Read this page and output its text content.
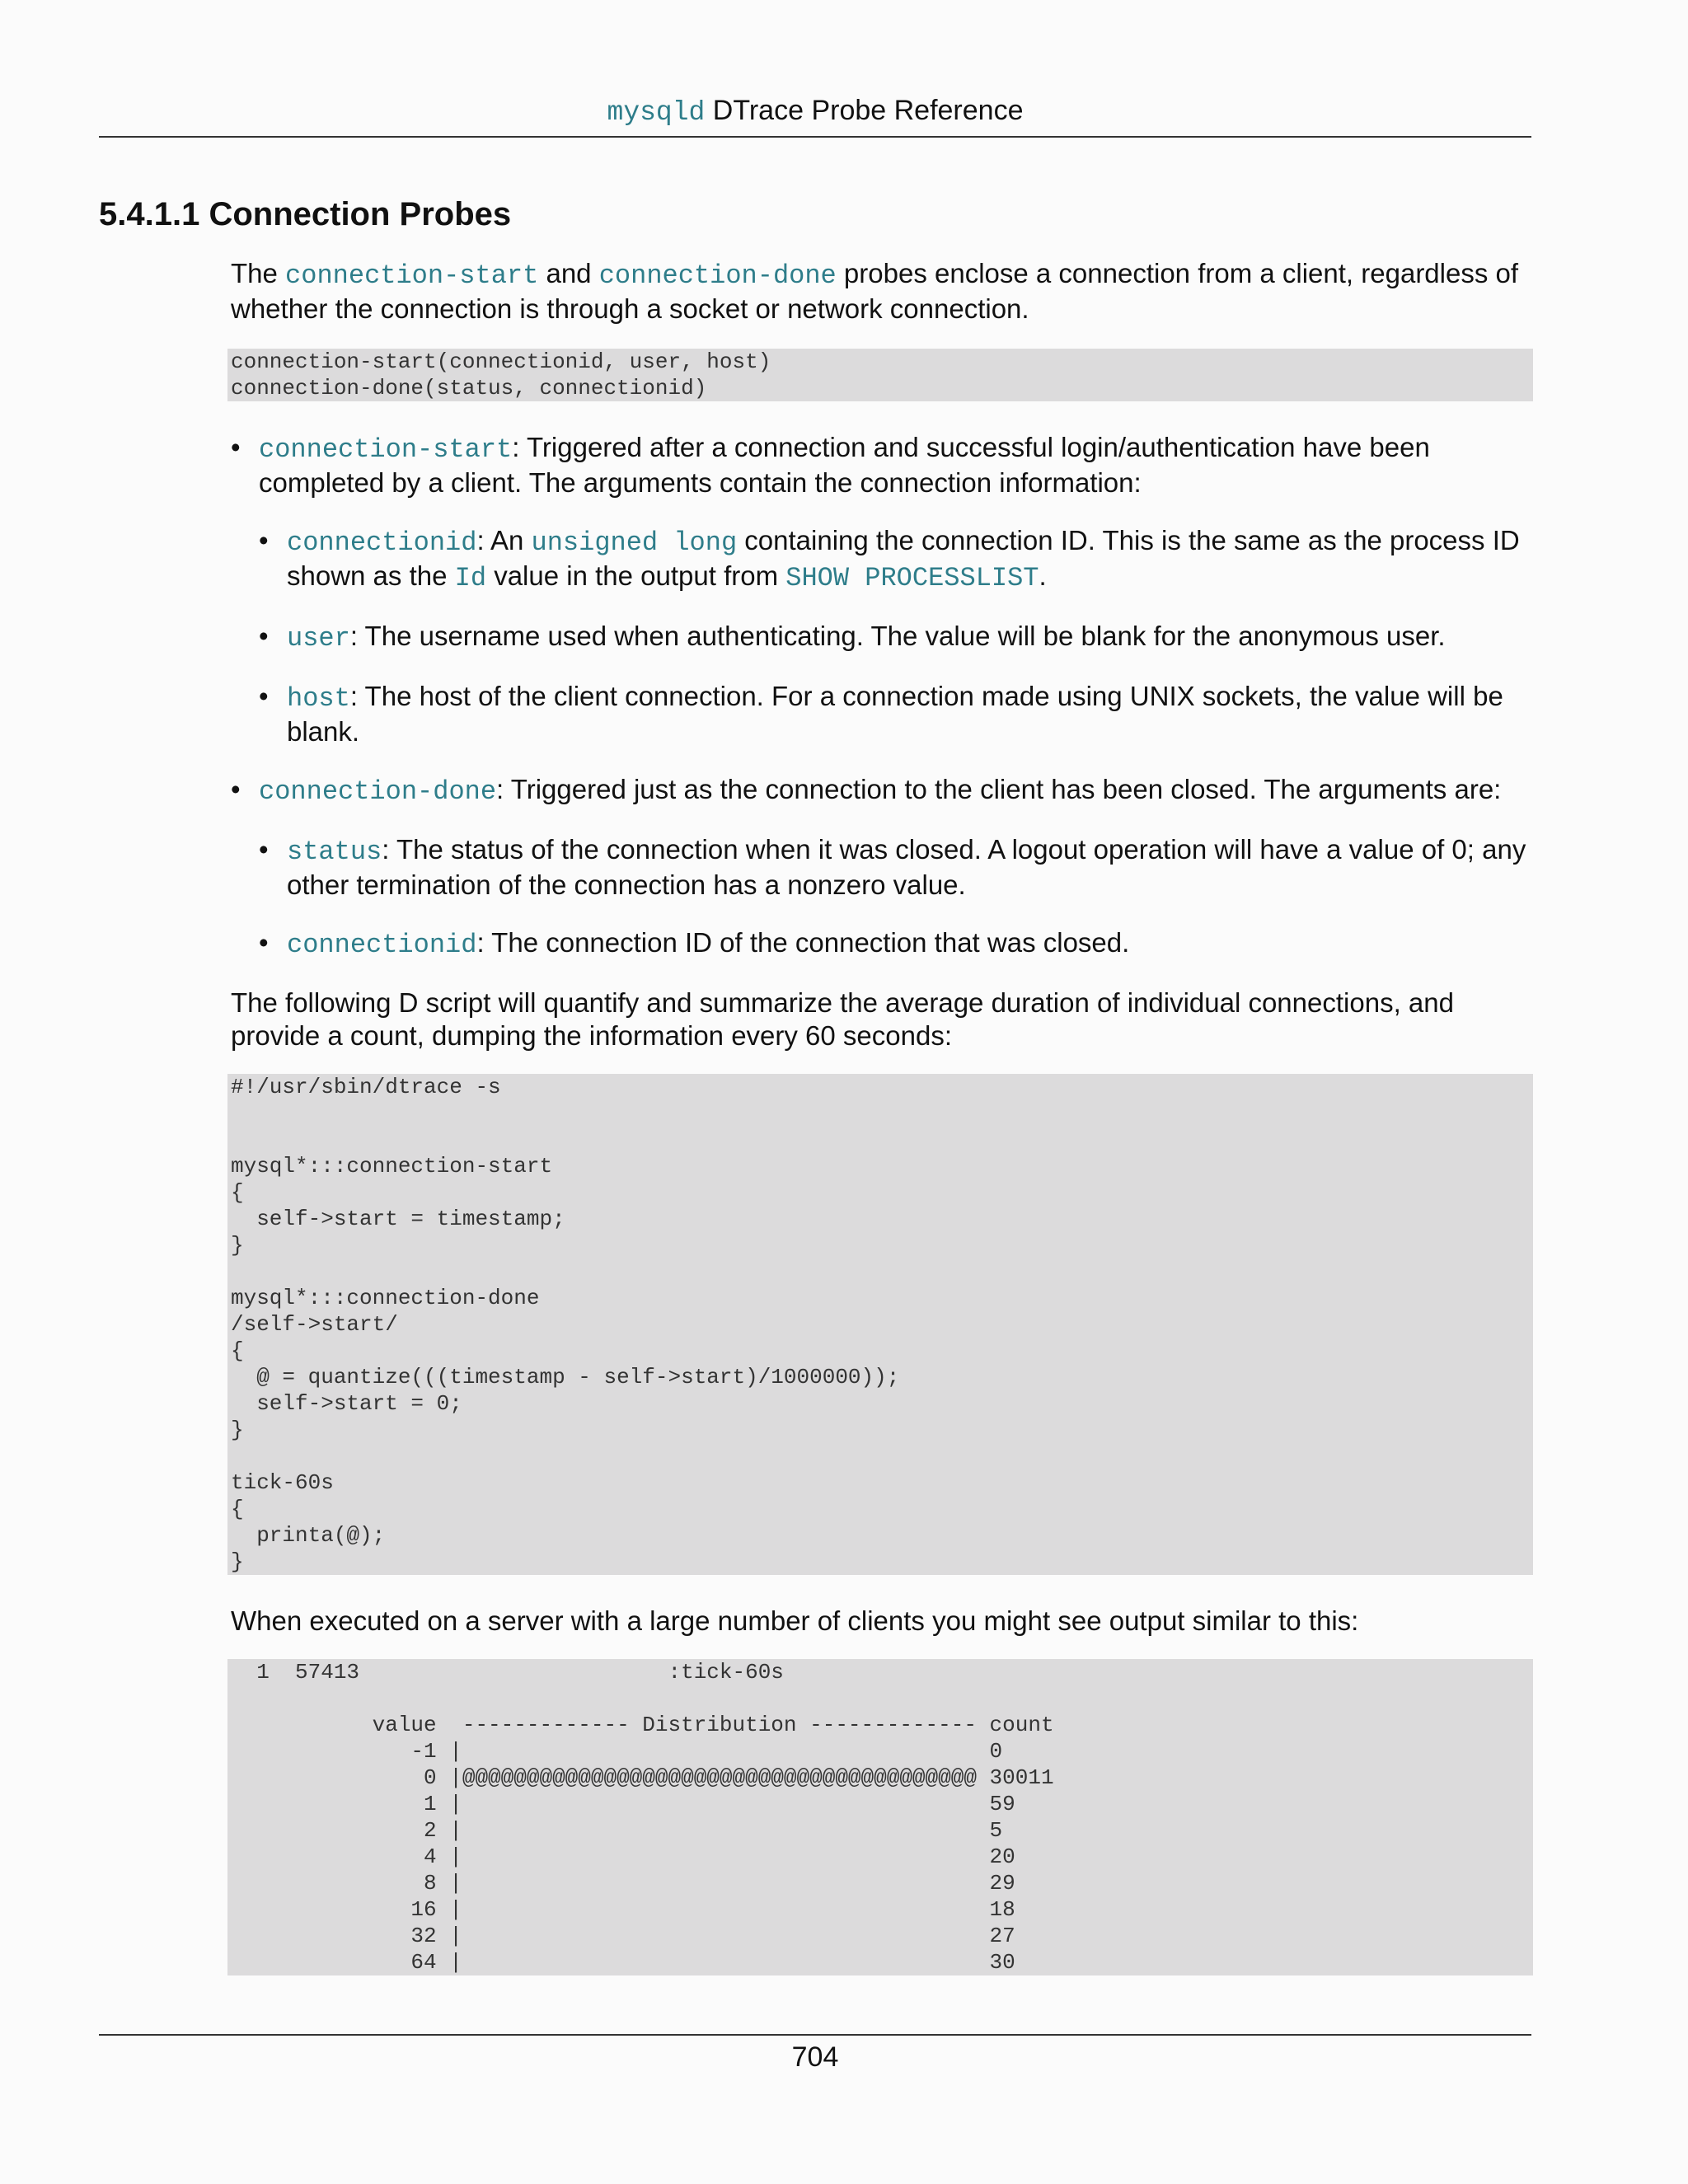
mysqld DTrace Probe Reference
5.4.1.1 Connection Probes

The connection-start and connection-done probes enclose a connection from a client, regardless of whether the connection is through a socket or network connection.

connection-start(connectionid, user, host)
connection-done(status, connectionid)
• connection-start: Triggered after a connection and successful login/authentication have been completed by a client. The arguments contain the connection information:
• connectionid: An unsigned long containing the connection ID. This is the same as the process ID shown as the Id value in the output from SHOW PROCESSLIST.
• user: The username used when authenticating. The value will be blank for the anonymous user.
• host: The host of the client connection. For a connection made using UNIX sockets, the value will be blank.
• connection-done: Triggered just as the connection to the client has been closed. The arguments are:
• status: The status of the connection when it was closed. A logout operation will have a value of 0; any other termination of the connection has a nonzero value.
• connectionid: The connection ID of the connection that was closed.

The following D script will quantify and summarize the average duration of individual connections, and provide a count, dumping the information every 60 seconds:

#!/usr/sbin/dtrace -s

mysql*:::connection-start
{
self->start = timestamp;
}

mysql*:::connection-done
/self->start/
{
@ = quantize(((timestamp - self->start)/1000000));
self->start = 0;
}

tick-60s
{
printa(@);
}

When executed on a server with a large number of clients you might see output similar to this:

1  57413                        :tick-60s

value  ------------- Distribution ------------- count
-1 |                                         0
0 |@@@@@@@@@@@@@@@@@@@@@@@@@@@@@@@@@@@@@@@@ 30011
1 |                                         59
2 |                                         5
4 |                                         20
8 |                                         29
16 |                                         18
32 |                                         27
64 |                                         30
704
